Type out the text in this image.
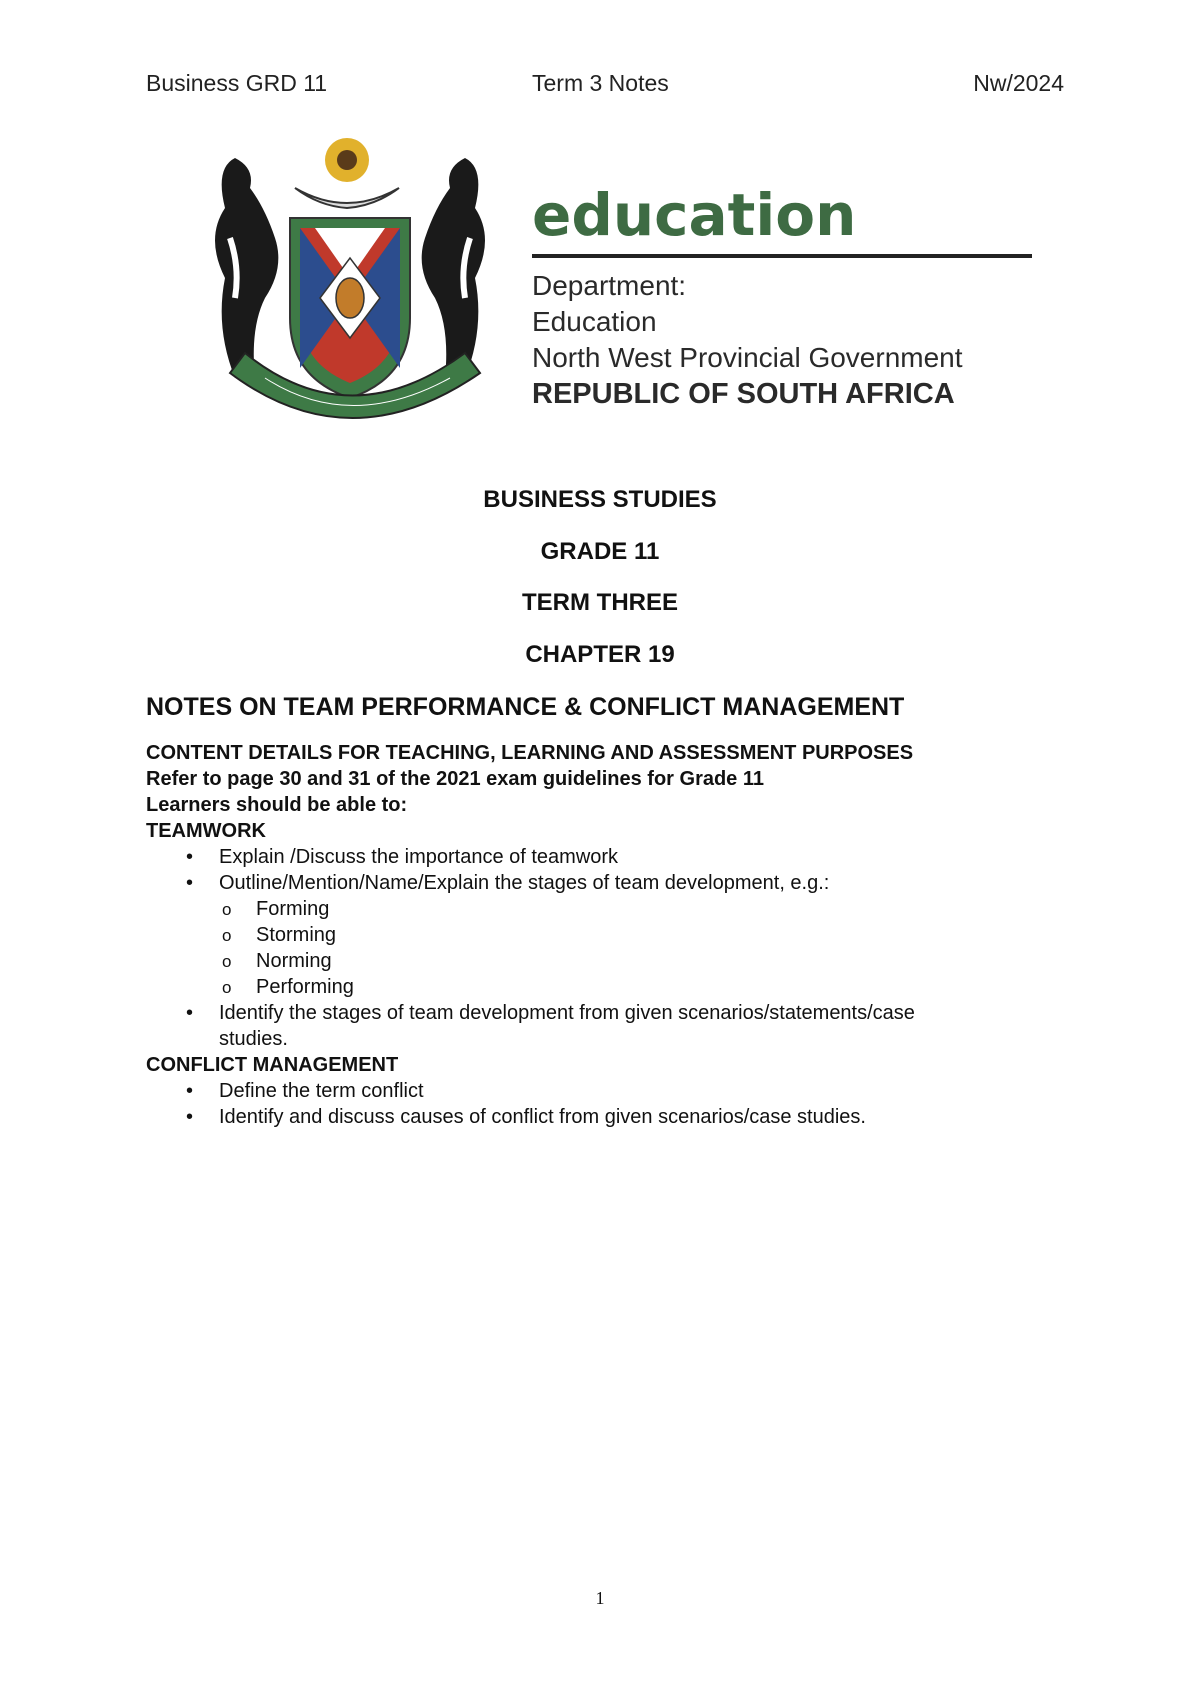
Business GRD 11	Term 3 Notes	Nw/2024
education
Department:
Education
North West Provincial Government
REPUBLIC OF SOUTH AFRICA
BUSINESS STUDIES
GRADE 11
TERM THREE
CHAPTER 19
NOTES ON TEAM PERFORMANCE & CONFLICT MANAGEMENT
CONTENT DETAILS FOR TEACHING, LEARNING AND ASSESSMENT PURPOSES
Refer to page 30 and 31 of the 2021 exam guidelines for Grade 11
Learners should be able to:
TEAMWORK
• Explain /Discuss the importance of teamwork
• Outline/Mention/Name/Explain the stages of team development, e.g.:
o Forming
o Storming
o Norming
o Performing
• Identify the stages of team development from given scenarios/statements/case studies.
CONFLICT MANAGEMENT
• Define the term conflict
• Identify and discuss causes of conflict from given scenarios/case studies.
1
